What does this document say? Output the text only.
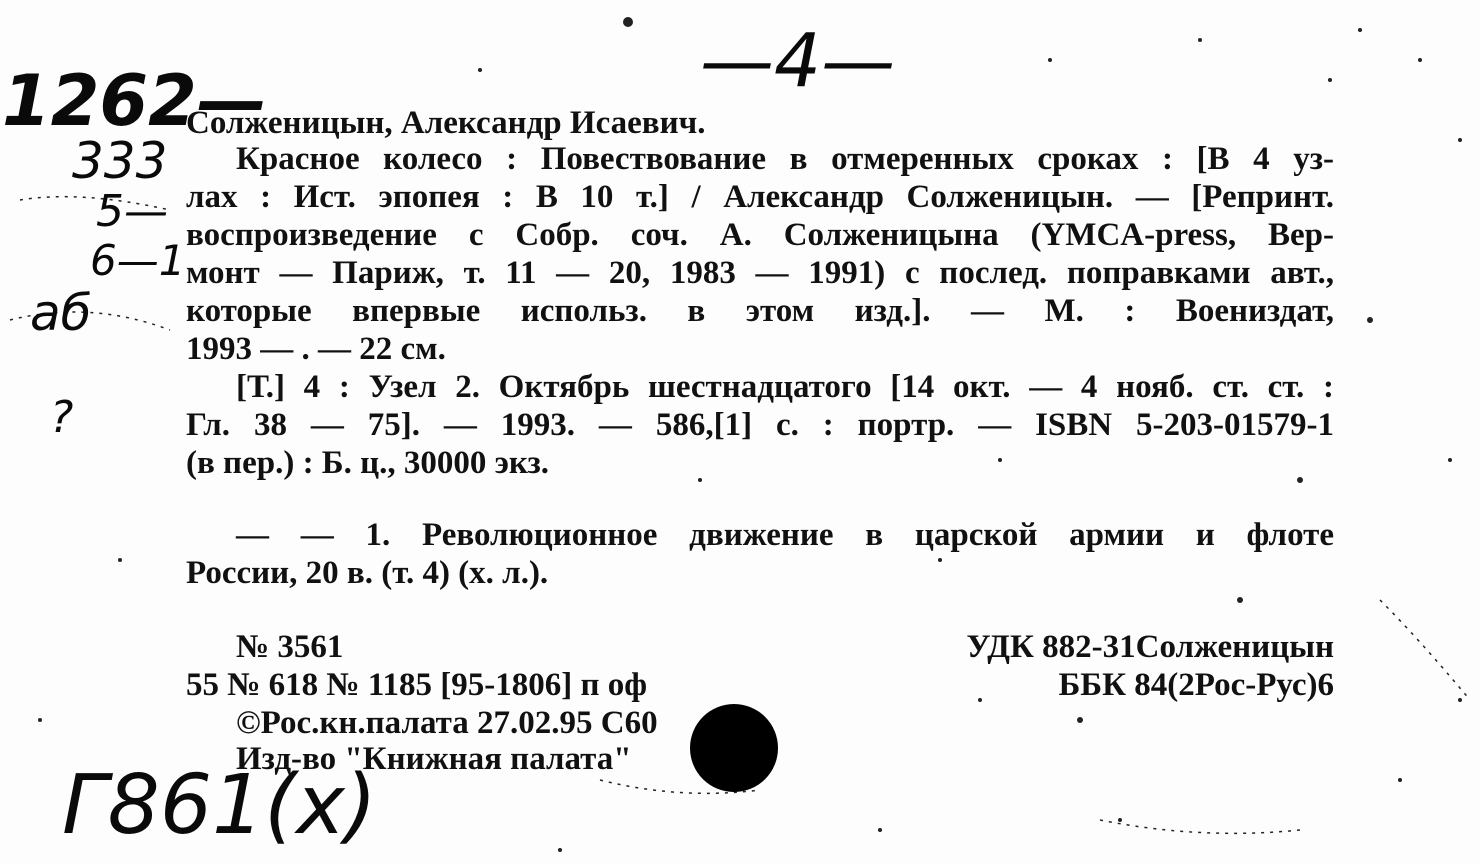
—4—
1262—
333
5—
6—1
аб
?
Г861(х)
Солженицын, Александр Исаевич.
Красное колесо : Повествование в отмеренных сроках : [В 4 уз-
лах : Ист. эпопея : В 10 т.] / Александр Солженицын. — [Репринт.
воспроизведение с Собр. соч. А. Солженицына (YMCA-press, Вер-
монт — Париж, т. 11 — 20, 1983 — 1991) с послед. поправками авт.,
которые впервые использ. в этом изд.]. — М. : Воениздат,
1993 — . — 22 см.
[Т.] 4 : Узел 2. Октябрь шестнадцатого [14 окт. — 4 нояб. ст. ст. :
Гл. 38 — 75]. — 1993. — 586,[1] с. : портр. — ISBN 5-203-01579-1
(в пер.) : Б. ц., 30000 экз.
— — 1. Революционное движение в царской армии и флоте
России, 20 в. (т. 4) (х. л.).
№ 3561
55 № 618 № 1185 [95-1806] п оф
©Рос.кн.палата 27.02.95 С60
Изд-во "Книжная палата"
УДК 882-31Солженицын
ББК 84(2Рос-Рус)6
